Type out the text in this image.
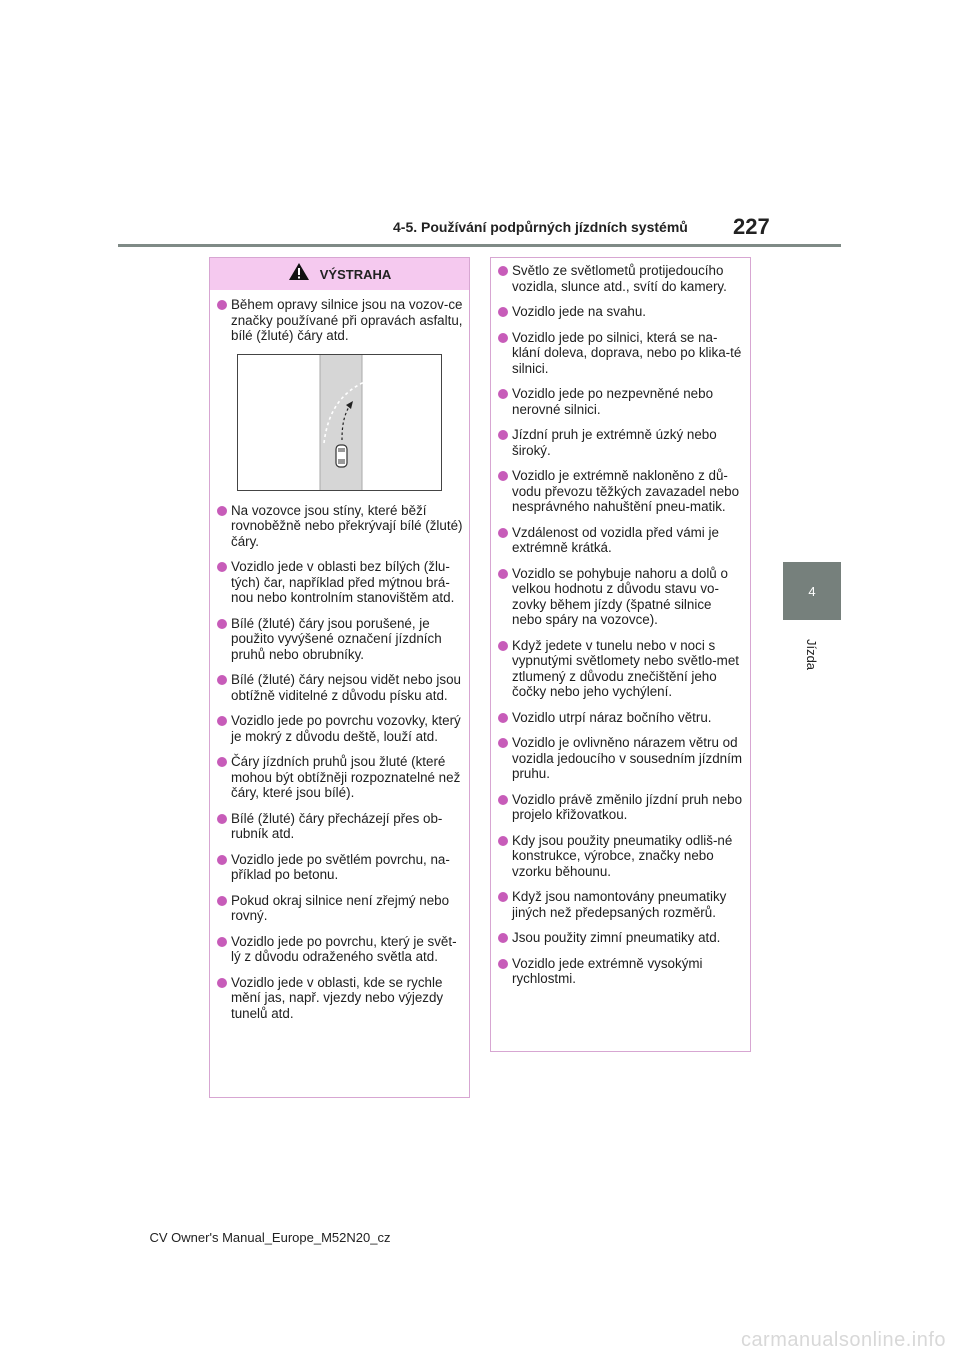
4-5. Používání podpůrných jízdních systémů 227
4
Jízda
VÝSTRAHA
Během opravy silnice jsou na vozov-ce značky používané při opravách asfaltu, bílé (žluté) čáry atd.
Na vozovce jsou stíny, které běží rovnoběžně nebo překrývají bílé (žluté) čáry.
Vozidlo jede v oblasti bez bílých (žlu-tých) čar, například před mýtnou brá-nou nebo kontrolním stanovištěm atd.
Bílé (žluté) čáry jsou porušené, je použito vyvýšené označení jízdních pruhů nebo obrubníky.
Bílé (žluté) čáry nejsou vidět nebo jsou obtížně viditelné z důvodu písku atd.
Vozidlo jede po povrchu vozovky, který je mokrý z důvodu deště, louží atd.
Čáry jízdních pruhů jsou žluté (které mohou být obtížněji rozpoznatelné než čáry, které jsou bílé).
Bílé (žluté) čáry přecházejí přes ob-rubník atd.
Vozidlo jede po světlém povrchu, na-příklad po betonu.
Pokud okraj silnice není zřejmý nebo rovný.
Vozidlo jede po povrchu, který je svět-lý z důvodu odraženého světla atd.
Vozidlo jede v oblasti, kde se rychle mění jas, např. vjezdy nebo výjezdy tunelů atd.
Světlo ze světlometů protijedoucího vozidla, slunce atd., svítí do kamery.
Vozidlo jede na svahu.
Vozidlo jede po silnici, která se na-klání doleva, doprava, nebo po klika-té silnici.
Vozidlo jede po nezpevněné nebo nerovné silnici.
Jízdní pruh je extrémně úzký nebo široký.
Vozidlo je extrémně nakloněno z dů-vodu převozu těžkých zavazadel nebo nesprávného nahuštění pneu-matik.
Vzdálenost od vozidla před vámi je extrémně krátká.
Vozidlo se pohybuje nahoru a dolů o velkou hodnotu z důvodu stavu vo-zovky během jízdy (špatné silnice nebo spáry na vozovce).
Když jedete v tunelu nebo v noci s vypnutými světlomety nebo světlo-met ztlumený z důvodu znečištění jeho čočky nebo jeho vychýlení.
Vozidlo utrpí náraz bočního větru.
Vozidlo je ovlivněno nárazem větru od vozidla jedoucího v sousedním jízdním pruhu.
Vozidlo právě změnilo jízdní pruh nebo projelo křižovatkou.
Kdy jsou použity pneumatiky odliš-né konstrukce, výrobce, značky nebo vzorku běhounu.
Když jsou namontovány pneumatiky jiných než předepsaných rozměrů.
Jsou použity zimní pneumatiky atd.
Vozidlo jede extrémně vysokými rychlostmi.
CV Owner's Manual_Europe_M52N20_cz
carmanualsonline.info
